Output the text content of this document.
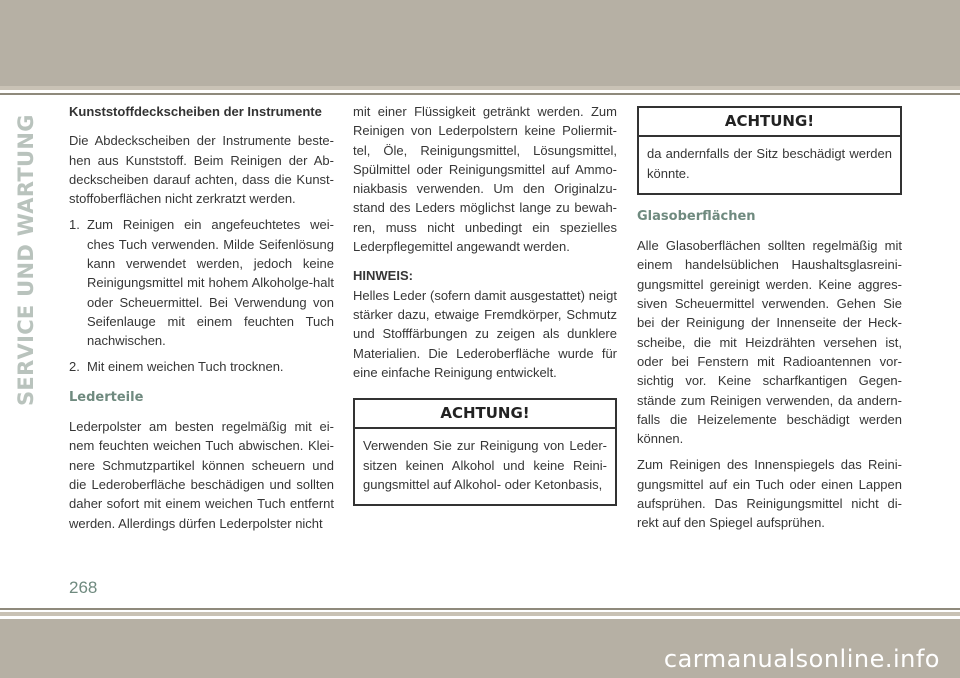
SERVICE UND WARTUNG
Kunststoffdeckscheiben der Instrumente

Die Abdeckscheiben der Instrumente beste-hen aus Kunststoff. Beim Reinigen der Ab-deckscheiben darauf achten, dass die Kunst-stoffoberflächen nicht zerkratzt werden.

1. Zum Reinigen ein angefeuchtetes wei-ches Tuch verwenden. Milde Seifenlösung kann verwendet werden, jedoch keine Reinigungsmittel mit hohem Alkoholge-halt oder Scheuermittel. Bei Verwendung von Seifenlauge mit einem feuchten Tuch nachwischen.
2. Mit einem weichen Tuch trocknen.
Lederteile

Lederpolster am besten regelmäßig mit ei-nem feuchten weichen Tuch abwischen. Klei-nere Schmutzpartikel können scheuern und die Lederoberfläche beschädigen und sollten daher sofort mit einem weichen Tuch entfernt werden. Allerdings dürfen Lederpolster nicht

mit einer Flüssigkeit getränkt werden. Zum Reinigen von Lederpolstern keine Poliermit-tel, Öle, Reinigungsmittel, Lösungsmittel, Spülmittel oder Reinigungsmittel auf Ammo-niakbasis verwenden. Um den Originalzu-stand des Leders möglichst lange zu bewah-ren, muss nicht unbedingt ein spezielles Lederpflegemittel angewandt werden.

HINWEIS:

Helles Leder (sofern damit ausgestattet) neigt stärker dazu, etwaige Fremdkörper, Schmutz und Stofffärbungen zu zeigen als dunklere Materialien. Die Lederoberfläche wurde für eine einfache Reinigung entwickelt.

ACHTUNG!
Verwenden Sie zur Reinigung von Leder-sitzen keinen Alkohol und keine Reini-gungsmittel auf Alkohol- oder Ketonbasis,
ACHTUNG!
da andernfalls der Sitz beschädigt werden könnte.
Glasoberflächen

Alle Glasoberflächen sollten regelmäßig mit einem handelsüblichen Haushaltsglasreini-gungsmittel gereinigt werden. Keine aggres-siven Scheuermittel verwenden. Gehen Sie bei der Reinigung der Innenseite der Heck-scheibe, die mit Heizdrähten versehen ist, oder bei Fenstern mit Radioantennen vor-sichtig vor. Keine scharfkantigen Gegen-stände zum Reinigen verwenden, da andern-falls die Heizelemente beschädigt werden können.

Zum Reinigen des Innenspiegels das Reini-gungsmittel auf ein Tuch oder einen Lappen aufsprühen. Das Reinigungsmittel nicht di-rekt auf den Spiegel aufsprühen.

268
carmanualsonline.info
